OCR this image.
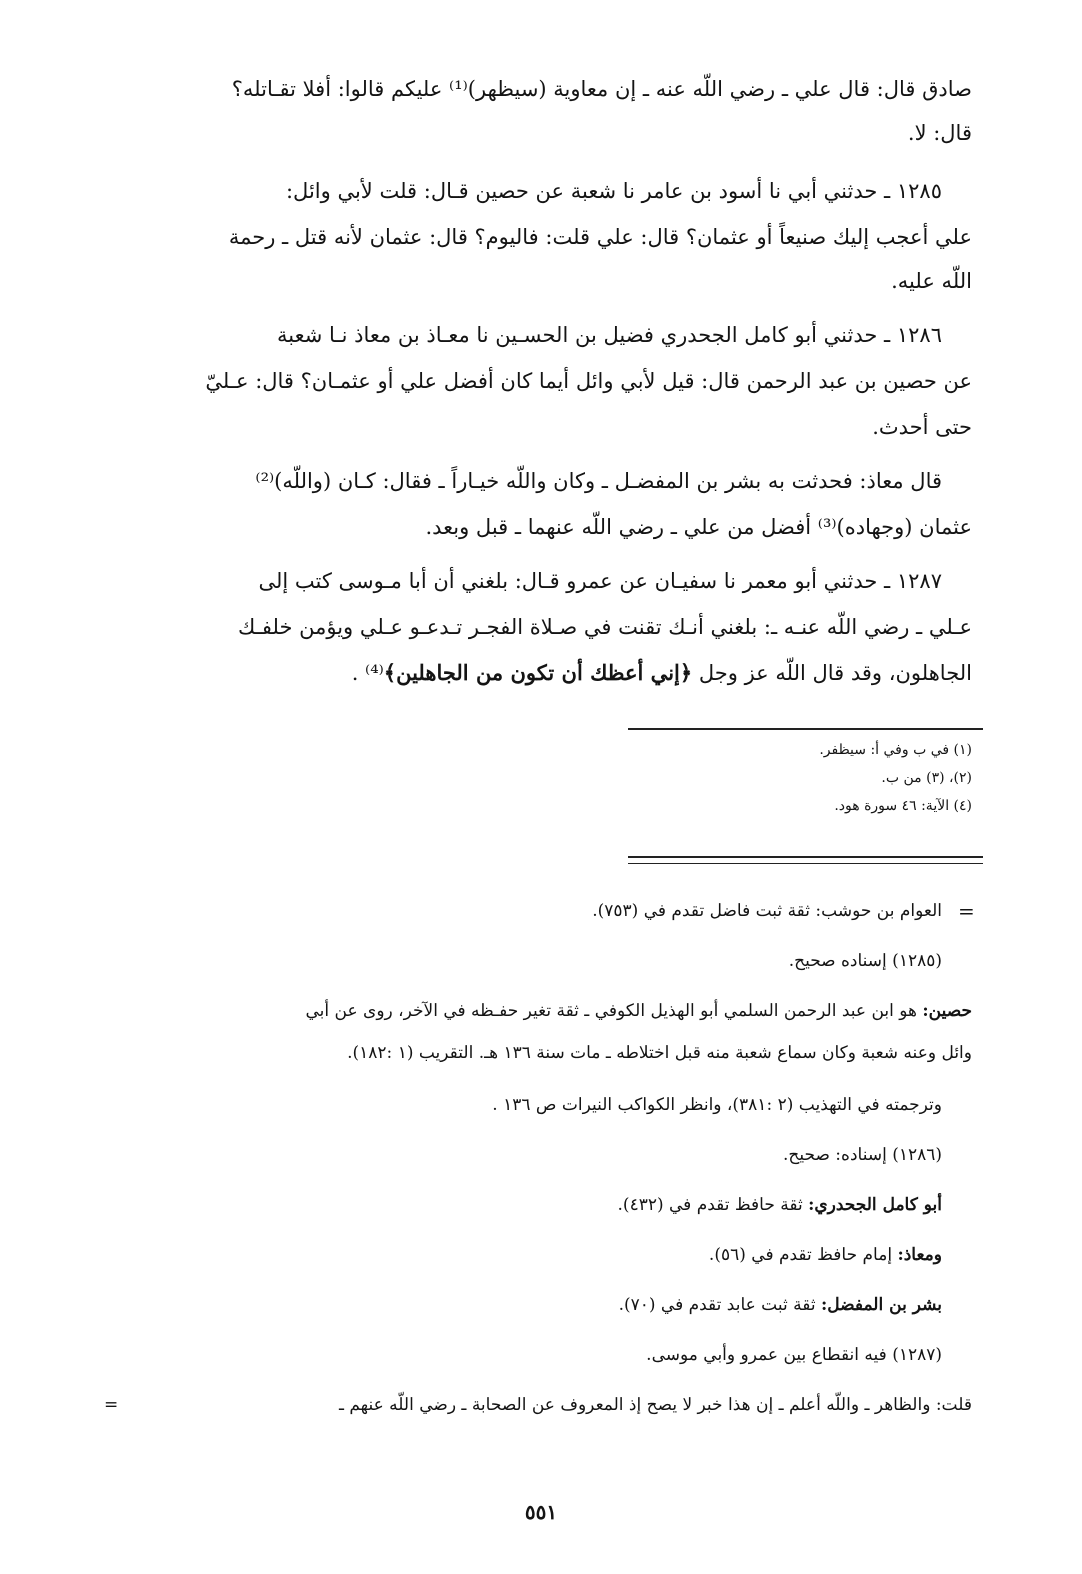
صادق قال: قال علي ـ رضي اللّه عنه ـ إن معاوية (سيظهر)⁽¹⁾ عليكم قالوا: أفلا تقـاتله؟
قال: لا.
١٢٨٥ ـ حدثني أبي نا أسود بن عامر نا شعبة عن حصين قـال: قلت لأبي وائل:
علي أعجب إليك صنيعاً أو عثمان؟ قال: علي قلت: فاليوم؟ قال: عثمان لأنه قتل ـ رحمة
اللّه عليه.
١٢٨٦ ـ حدثني أبو كامل الجحدري فضيل بن الحسـين نا معـاذ بن معاذ نـا شعبة
عن حصين بن عبد الرحمن قال: قيل لأبي وائل أيما كان أفضل علي أو عثمـان؟ قال: عـليّ
حتى أحدث.
قال معاذ: فحدثت به بشر بن المفضـل ـ وكان واللّه خيـاراً ـ فقال: كـان (واللّه)⁽²⁾
عثمان (وجهاده)⁽³⁾ أفضل من علي ـ رضي اللّه عنهما ـ قبل وبعد.
١٢٨٧ ـ حدثني أبو معمر نا سفيـان عن عمرو قـال: بلغني أن أبا مـوسى كتب إلى
عـلي ـ رضي اللّه عنـه ـ: بلغني أنـك تقنت في صـلاة الفجـر تـدعـو عـلي ويؤمن خلفـك
الجاهلون، وقد قال اللّه عز وجل ﴿إني أعظك أن تكون من الجاهلين﴾⁽⁴⁾ .
(١) في ب وفي أ: سيظفر.
(٢)، (٣) من ب.
(٤) الآية: ٤٦ سورة هود.
=
العوام بن حوشب: ثقة ثبت فاضل تقدم في (٧٥٣).
(١٢٨٥) إسناده صحيح.
حصين: هو ابن عبد الرحمن السلمي أبو الهذيل الكوفي ـ ثقة تغير حفـظه في الآخر، روى عن أبي
وائل وعنه شعبة وكان سماع شعبة منه قبل اختلاطه ـ مات سنة ١٣٦ هـ. التقريب (١ :١٨٢).
وترجمته في التهذيب (٢ :٣٨١)، وانظر الكواكب النيرات ص ١٣٦ .
(١٢٨٦) إسناده: صحيح.
أبو كامل الجحدري: ثقة حافظ تقدم في (٤٣٢).
ومعاذ: إمام حافظ تقدم في (٥٦).
بشر بن المفضل: ثقة ثبت عابد تقدم في (٧٠).
(١٢٨٧) فيه انقطاع بين عمرو وأبي موسى.
قلت: والظاهر ـ واللّه أعلم ـ إن هذا خبر لا يصح إذ المعروف عن الصحابة ـ رضي اللّه عنهم ـ
=
٥٥١
